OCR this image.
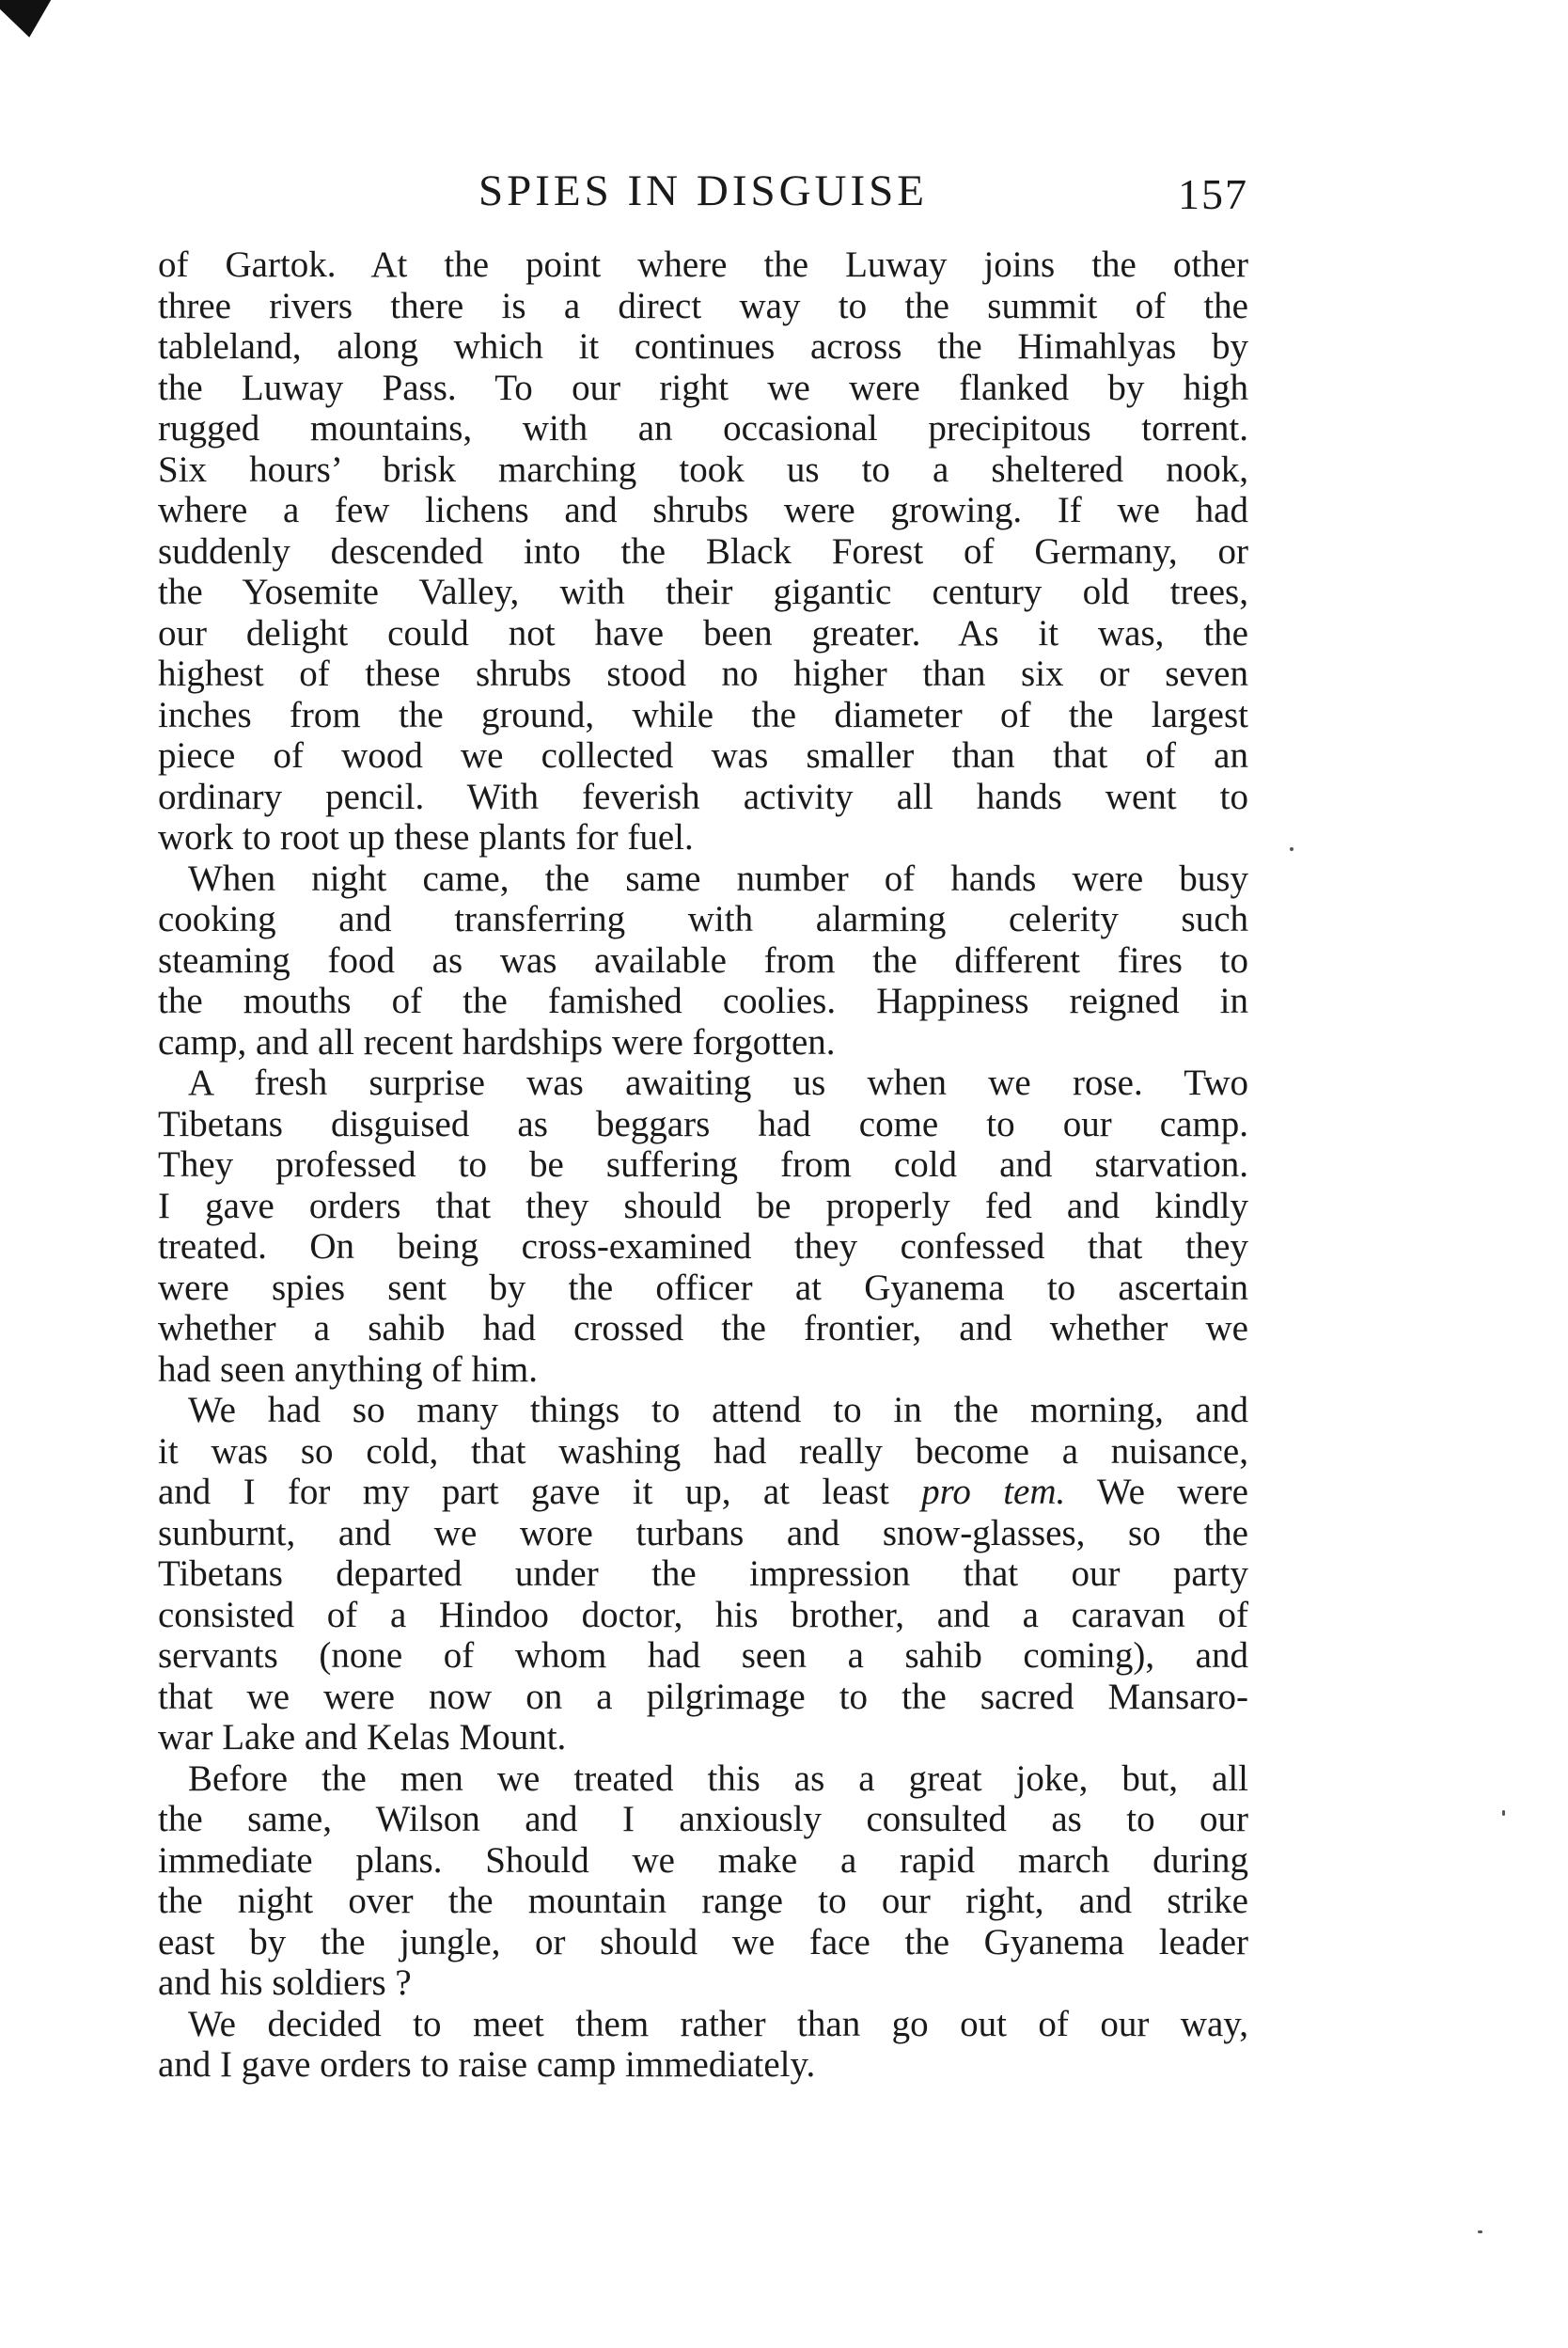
SPIES IN DISGUISE	157
of Gartok. At the point where the Luway joins the other
three rivers there is a direct way to the summit of the
tableland, along which it continues across the Himahlyas by
the Luway Pass. To our right we were flanked by high
rugged mountains, with an occasional precipitous torrent.
Six hours’ brisk marching took us to a sheltered nook,
where a few lichens and shrubs were growing. If we had
suddenly descended into the Black Forest of Germany, or
the Yosemite Valley, with their gigantic century old trees,
our delight could not have been greater. As it was, the
highest of these shrubs stood no higher than six or seven
inches from the ground, while the diameter of the largest
piece of wood we collected was smaller than that of an
ordinary pencil. With feverish activity all hands went to
work to root up these plants for fuel.
When night came, the same number of hands were busy
cooking and transferring with alarming celerity such
steaming food as was available from the different fires to
the mouths of the famished coolies. Happiness reigned in
camp, and all recent hardships were forgotten.
A fresh surprise was awaiting us when we rose. Two
Tibetans disguised as beggars had come to our camp.
They professed to be suffering from cold and starvation.
I gave orders that they should be properly fed and kindly
treated. On being cross-examined they confessed that they
were spies sent by the officer at Gyanema to ascertain
whether a sahib had crossed the frontier, and whether we
had seen anything of him.
We had so many things to attend to in the morning, and
it was so cold, that washing had really become a nuisance,
and I for my part gave it up, at least pro tem. We were
sunburnt, and we wore turbans and snow-glasses, so the
Tibetans departed under the impression that our party
consisted of a Hindoo doctor, his brother, and a caravan of
servants (none of whom had seen a sahib coming), and
that we were now on a pilgrimage to the sacred Mansaro-
war Lake and Kelas Mount.
Before the men we treated this as a great joke, but, all
the same, Wilson and I anxiously consulted as to our
immediate plans. Should we make a rapid march during
the night over the mountain range to our right, and strike
east by the jungle, or should we face the Gyanema leader
and his soldiers ?
We decided to meet them rather than go out of our way,
and I gave orders to raise camp immediately.
